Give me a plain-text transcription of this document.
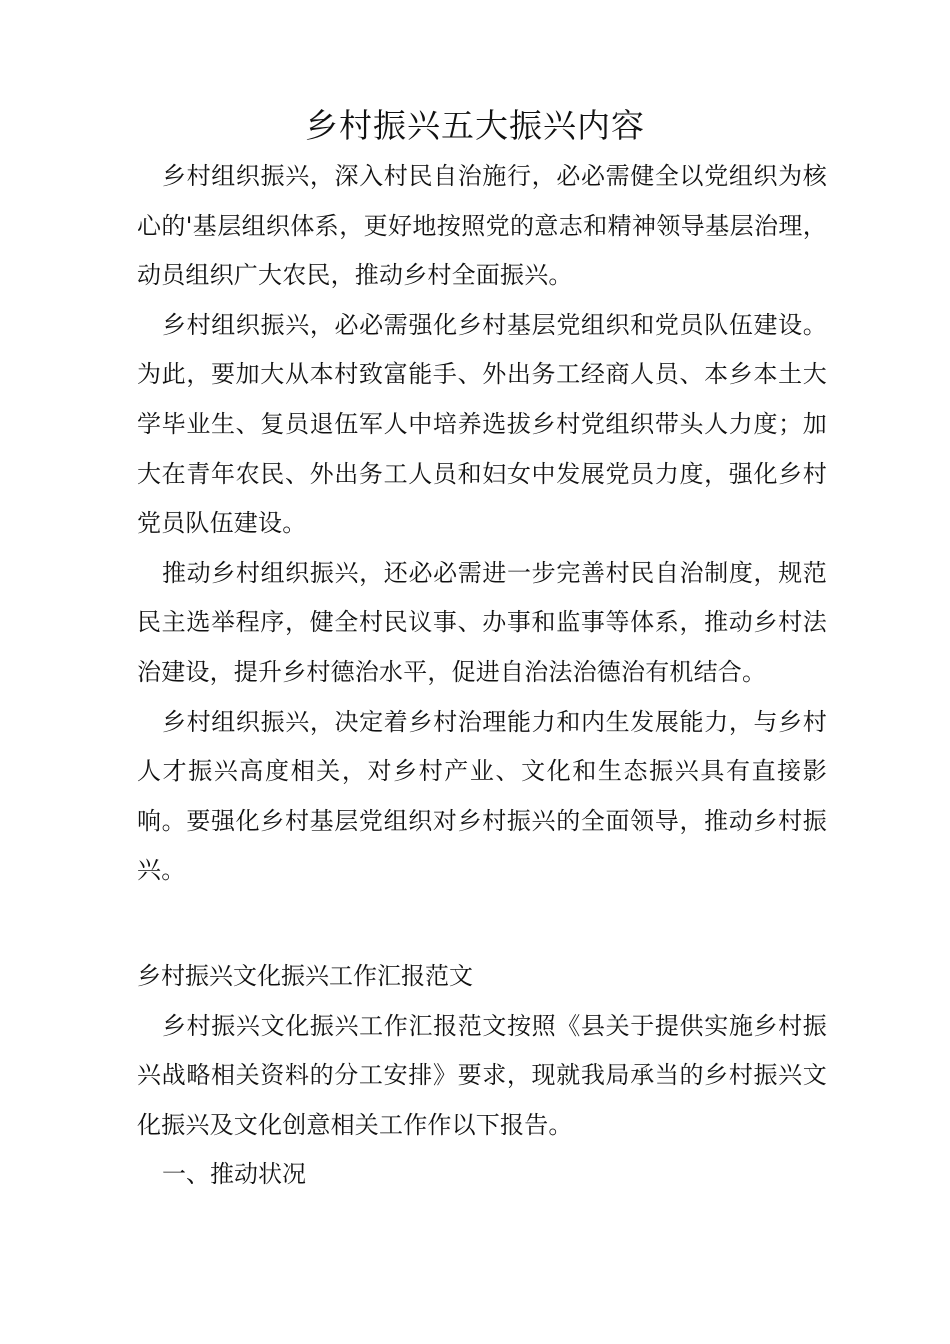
乡村振兴五大振兴内容

乡村组织振兴，深入村民自治施行，必必需健全以党组织为核心的'基层组织体系，更好地按照党的意志和精神领导基层治理，动员组织广大农民，推动乡村全面振兴。

乡村组织振兴，必必需强化乡村基层党组织和党员队伍建设。为此，要加大从本村致富能手、外出务工经商人员、本乡本土大学毕业生、复员退伍军人中培养选拔乡村党组织带头人力度；加大在青年农民、外出务工人员和妇女中发展党员力度，强化乡村党员队伍建设。

推动乡村组织振兴，还必必需进一步完善村民自治制度，规范民主选举程序，健全村民议事、办事和监事等体系，推动乡村法治建设，提升乡村德治水平，促进自治法治德治有机结合。

乡村组织振兴，决定着乡村治理能力和内生发展能力，与乡村人才振兴高度相关，对乡村产业、文化和生态振兴具有直接影响。要强化乡村基层党组织对乡村振兴的全面领导，推动乡村振兴。

乡村振兴文化振兴工作汇报范文

乡村振兴文化振兴工作汇报范文按照《县关于提供实施乡村振兴战略相关资料的分工安排》要求，现就我局承当的乡村振兴文化振兴及文化创意相关工作作以下报告。

一、推动状况
